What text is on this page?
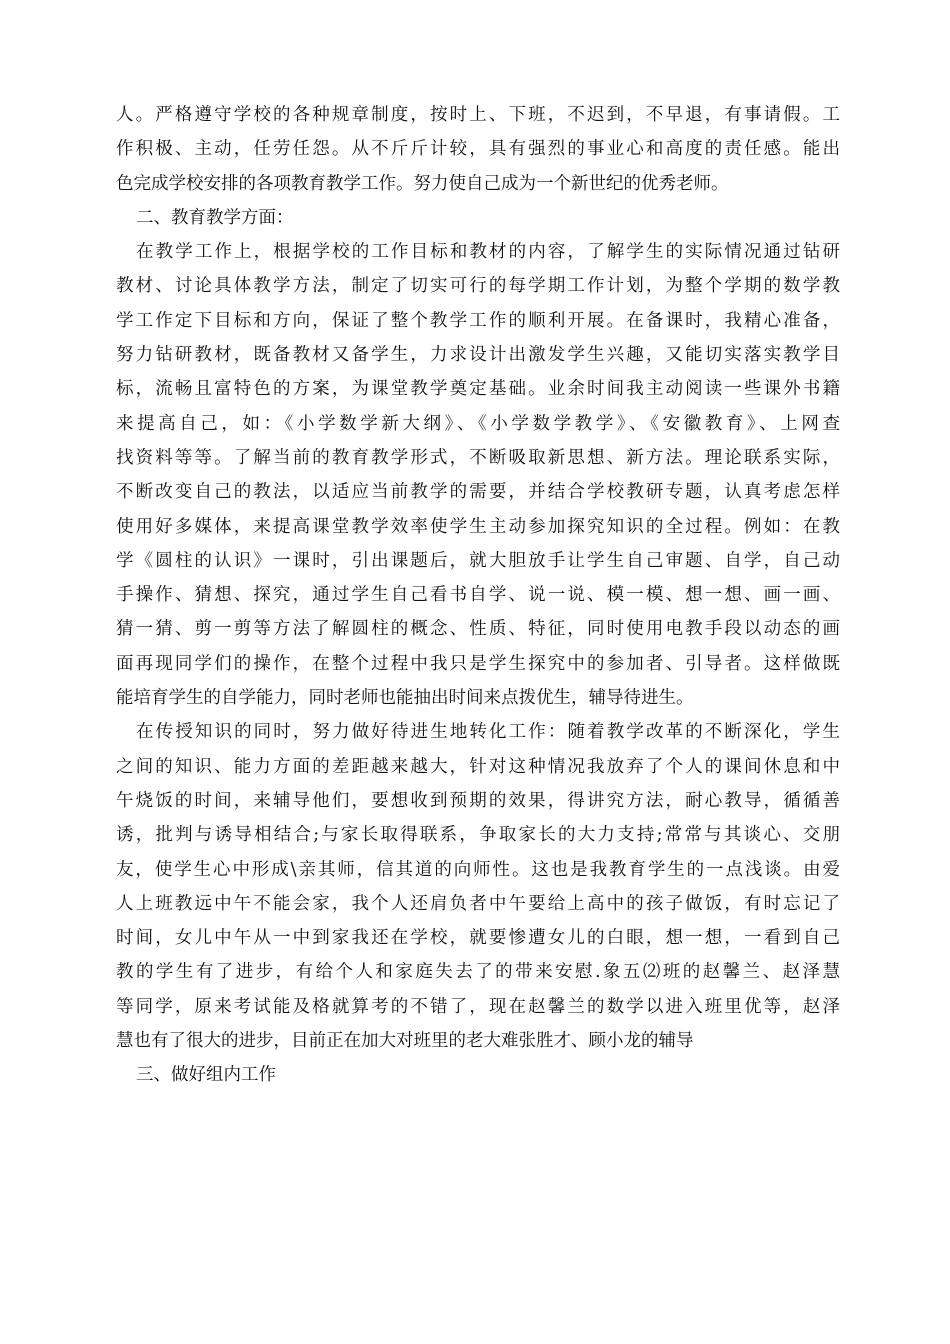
人。严格遵守学校的各种规章制度，按时上、下班，不迟到，不早退，有事请假。工
作积极、主动，任劳任怨。从不斤斤计较，具有强烈的事业心和高度的责任感。能出
色完成学校安排的各项教育教学工作。努力使自己成为一个新世纪的优秀老师。
二、教育教学方面：
在教学工作上，根据学校的工作目标和教材的内容，了解学生的实际情况通过钻研
教材、讨论具体教学方法，制定了切实可行的每学期工作计划，为整个学期的数学教
学工作定下目标和方向，保证了整个教学工作的顺利开展。在备课时，我精心准备，
努力钻研教材，既备教材又备学生，力求设计出激发学生兴趣，又能切实落实教学目
标，流畅且富特色的方案，为课堂教学奠定基础。业余时间我主动阅读一些课外书籍
来提高自己，如：《小学数学新大纲》、《小学数学教学》、《安徽教育》、上网查
找资料等等。了解当前的教育教学形式，不断吸取新思想、新方法。理论联系实际，
不断改变自己的教法，以适应当前教学的需要，并结合学校教研专题，认真考虑怎样
使用好多媒体，来提高课堂教学效率使学生主动参加探究知识的全过程。例如：在教
学《圆柱的认识》一课时，引出课题后，就大胆放手让学生自己审题、自学，自己动
手操作、猜想、探究，通过学生自己看书自学、说一说、模一模、想一想、画一画、
猜一猜、剪一剪等方法了解圆柱的概念、性质、特征，同时使用电教手段以动态的画
面再现同学们的操作，在整个过程中我只是学生探究中的参加者、引导者。这样做既
能培育学生的自学能力，同时老师也能抽出时间来点拨优生，辅导待进生。
在传授知识的同时，努力做好待进生地转化工作：随着教学改革的不断深化，学生
之间的知识、能力方面的差距越来越大，针对这种情况我放弃了个人的课间休息和中
午烧饭的时间，来辅导他们，要想收到预期的效果，得讲究方法，耐心教导，循循善
诱，批判与诱导相结合;与家长取得联系，争取家长的大力支持;常常与其谈心、交朋
友，使学生心中形成\亲其师，信其道的向师性。这也是我教育学生的一点浅谈。由爱
人上班教远中午不能会家，我个人还肩负者中午要给上高中的孩子做饭，有时忘记了
时间，女儿中午从一中到家我还在学校，就要惨遭女儿的白眼，想一想，一看到自己
教的学生有了进步，有给个人和家庭失去了的带来安慰.象五⑵班的赵馨兰、赵泽慧
等同学，原来考试能及格就算考的不错了，现在赵馨兰的数学以进入班里优等，赵泽
慧也有了很大的进步，目前正在加大对班里的老大难张胜才、顾小龙的辅导
三、做好组内工作
